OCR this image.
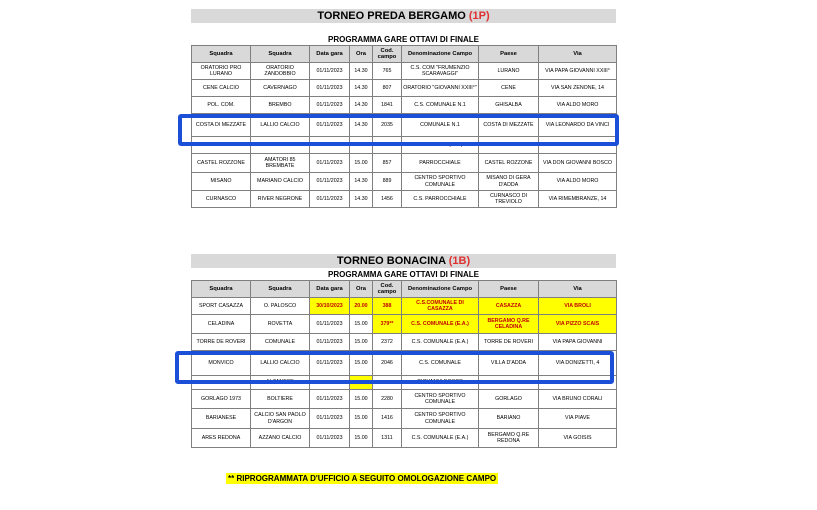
TORNEO PREDA BERGAMO (1P)
PROGRAMMA GARE OTTAVI DI FINALE
Squadra	Squadra	Data gara	Ora	Cod. campo	Denominazione Campo	Paese	Via
ORATORIO PRO LURANO	ORATORIO ZANDOBBIO	01/11/2023	14.30	765	C.S. COM "FRUMENZIO SCARAVAGGI"	LURANO	VIA PAPA GIOVANNI XXIII°
CENE CALCIO	CAVERNAGO	01/11/2023	14.30	807	ORATORIO "GIOVANNI XXIII°"	CENE	VIA SAN ZENONE, 14
POL. COM.	BREMBO	01/11/2023	14.30	1841	C.S. COMUNALE N.1	GHISALBA	VIA ALDO MORO
COSTA DI MEZZATE	LALLIO CALCIO	01/11/2023	14.30	2035	COMUNALE N.1	COSTA DI MEZZATE	VIA LEONARDO DA VINCI
ORIO PEGU	VALSERINA	01/11/2023	14.30	2389	COMUNALE (E.A.)	ORIO AL SERIO	VIA AEROPORTO
CASTEL ROZZONE	AMATORI 85 BREMBATE	01/11/2023	15.00	857	PARROCCHIALE	CASTEL ROZZONE	VIA DON GIOVANNI BOSCO
MISANO	MARIANO CALCIO	01/11/2023	14.30	889	CENTRO SPORTIVO COMUNALE	MISANO DI GERA D'ADDA	VIA ALDO MORO
CURNASCO	RIVER NEGRONE	01/11/2023	14.30	1456	C.S. PARROCCHIALE	CURNASCO DI TREVIOLO	VIA RIMEMBRANZE, 14
TORNEO BONACINA (1B)
PROGRAMMA GARE OTTAVI DI FINALE
Squadra	Squadra	Data gara	Ora	Cod. campo	Denominazione Campo	Paese	Via
SPORT CASAZZA	O. PALOSCO	30/10/2023	20.00	388	C.S.COMUNALE DI CASAZZA	CASAZZA	VIA BROLI
CELADINA	ROVETTA	01/11/2023	15.00	379**	C.S. COMUNALE (E.A.)	BERGAMO Q.RE CELADINA	VIA PIZZO SCAIS
TORRE DE ROVERI	COMUNALE	01/11/2023	15.00	2372	C.S. COMUNALE (E.A.)	TORRE DE ROVERI	VIA PAPA GIOVANNI
MONVICO	LALLIO CALCIO	01/11/2023	15.00	2046	C.S. COMUNALE	VILLA D'ADDA	VIA DONIZETTI, 4
	ALZANESE				GIOVANNI BOSCO		
GORLAGO 1973	BOLTIERE	01/11/2023	15.00	2280	CENTRO SPORTIVO COMUNALE	GORLAGO	VIA BRUNO CORALI
BARIANESE	CALCIO SAN PAOLO D'ARGON	01/11/2023	15.00	1416	CENTRO SPORTIVO COMUNALE	BARIANO	VIA PIAVE
ARES REDONA	AZZANO CALCIO	01/11/2023	15.00	1311	C.S. COMUNALE (E.A.)	BERGAMO Q.RE REDONA	VIA GOISIS
** RIPROGRAMMATA D'UFFICIO A SEGUITO OMOLOGAZIONE CAMPO
